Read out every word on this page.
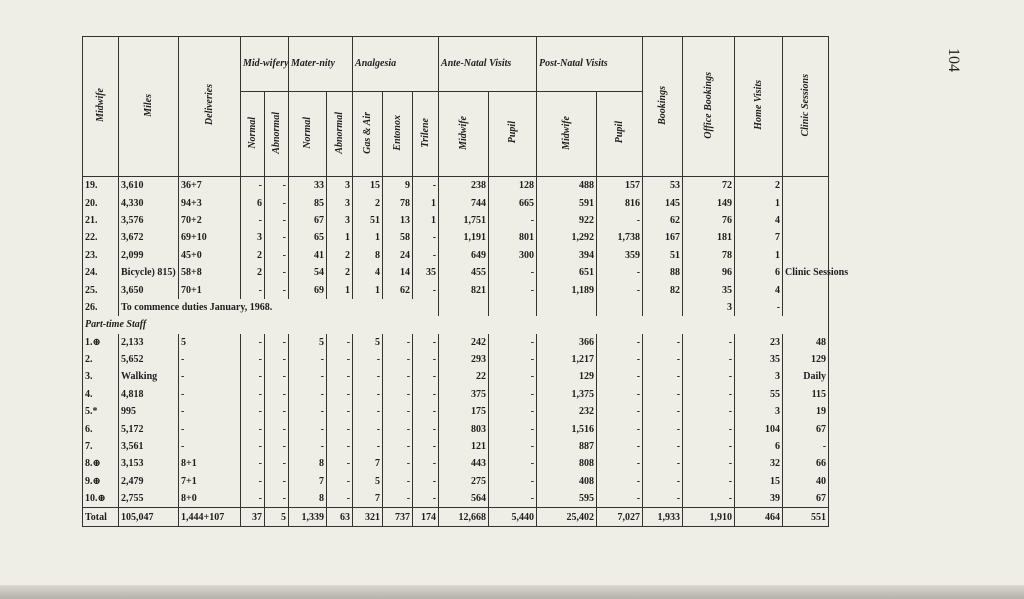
104
Midwife	Miles	Deliveries	Mid-wifery		Mater-nity		Analgesia			Ante-Natal Visits		Post-Natal Visits		Bookings	Office Bookings	Home Visits	Clinic Sessions
			Normal	Abnormal	Normal	Abnormal	Gas & Air	Entonox	Trilene	Midwife	Pupil	Midwife	Pupil				
19.	3,610	36+7	-	-	33	3	15	9	-	238	128	488	157	53	72	2	
20.	4,330	94+3	6	-	85	3	2	78	1	744	665	591	816	145	149	1	
21.	3,576	70+2	-	-	67	3	51	13	1	1,751	-	922	-	62	76	4	
22.	3,672	69+10	3	-	65	1	1	58	-	1,191	801	1,292	1,738	167	181	7	
23.	2,099	45+0	2	-	41	2	8	24	-	649	300	394	359	51	78	1	
24.	Bicycle) 815)	58+8	2	-	54	2	4	14	35	455	-	651	-	88	96	6	Clinic Sessions
25.	3,650	70+1	-	-	69	1	1	62	-	821	-	1,189	-	82	35	4	
26.	To commence duties January, 1968.														3	-	
Part-time Staff																	
1.⊕	2,133	5	-	-	5	-	5	-	-	242	-	366	-	-	-	23	48
2.	5,652	-	-	-	-	-	-	-	-	293	-	1,217	-	-	-	35	129
3.	Walking	-	-	-	-	-	-	-	-	22	-	129	-	-	-	3	Daily
4.	4,818	-	-	-	-	-	-	-	-	375	-	1,375	-	-	-	55	115
5.*	995	-	-	-	-	-	-	-	-	175	-	232	-	-	-	3	19
6.	5,172	-	-	-	-	-	-	-	-	803	-	1,516	-	-	-	104	67
7.	3,561	-	-	-	-	-	-	-	-	121	-	887	-	-	-	6	-
8.⊕	3,153	8+1	-	-	8	-	7	-	-	443	-	808	-	-	-	32	66
9.⊕	2,479	7+1	-	-	7	-	5	-	-	275	-	408	-	-	-	15	40
10.⊕	2,755	8+0	-	-	8	-	7	-	-	564	-	595	-	-	-	39	67
Total	105,047	1,444+107	37	5	1,339	63	321	737	174	12,668	5,440	25,402	7,027	1,933	1,910	464	551
